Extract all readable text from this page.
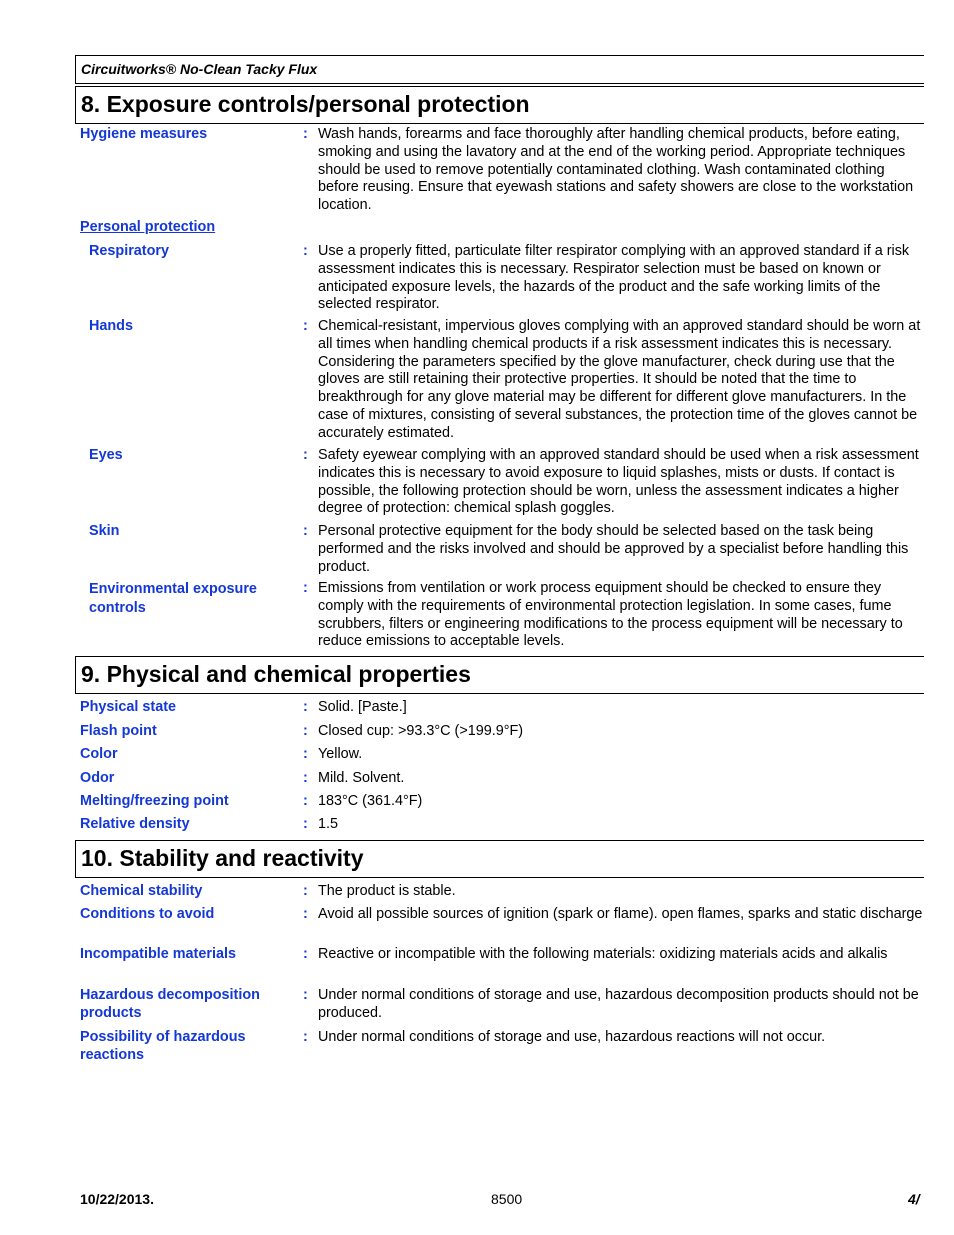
Circuitworks® No-Clean Tacky Flux
8. Exposure controls/personal protection
Hygiene measures	: Wash hands, forearms and face thoroughly after handling chemical products, before eating, smoking and using the lavatory and at the end of the working period. Appropriate techniques should be used to remove potentially contaminated clothing. Wash contaminated clothing before reusing. Ensure that eyewash stations and safety showers are close to the workstation location.
Personal protection
Respiratory	: Use a properly fitted, particulate filter respirator complying with an approved standard if a risk assessment indicates this is necessary. Respirator selection must be based on known or anticipated exposure levels, the hazards of the product and the safe working limits of the selected respirator.
Hands	: Chemical-resistant, impervious gloves complying with an approved standard should be worn at all times when handling chemical products if a risk assessment indicates this is necessary. Considering the parameters specified by the glove manufacturer, check during use that the gloves are still retaining their protective properties. It should be noted that the time to breakthrough for any glove material may be different for different glove manufacturers. In the case of mixtures, consisting of several substances, the protection time of the gloves cannot be accurately estimated.
Eyes	: Safety eyewear complying with an approved standard should be used when a risk assessment indicates this is necessary to avoid exposure to liquid splashes, mists or dusts. If contact is possible, the following protection should be worn, unless the assessment indicates a higher degree of protection: chemical splash goggles.
Skin	: Personal protective equipment for the body should be selected based on the task being performed and the risks involved and should be approved by a specialist before handling this product.
Environmental exposure controls
: Emissions from ventilation or work process equipment should be checked to ensure they comply with the requirements of environmental protection legislation. In some cases, fume scrubbers, filters or engineering modifications to the process equipment will be necessary to reduce emissions to acceptable levels.
9. Physical and chemical properties
Physical state	: Solid. [Paste.]
Flash point	: Closed cup: >93.3°C (>199.9°F)
Color	: Yellow.
Odor	: Mild. Solvent.
Melting/freezing point	: 183°C (361.4°F)
Relative density	: 1.5
10. Stability and reactivity
Chemical stability	: The product is stable.
Conditions to avoid	: Avoid all possible sources of ignition (spark or flame). open flames, sparks and static discharge
Incompatible materials	: Reactive or incompatible with the following materials: oxidizing materials acids and alkalis
Hazardous decomposition products
: Under normal conditions of storage and use, hazardous decomposition products should not be produced.
Possibility of hazardous reactions
: Under normal conditions of storage and use, hazardous reactions will not occur.
10/22/2013.	8500	4/
